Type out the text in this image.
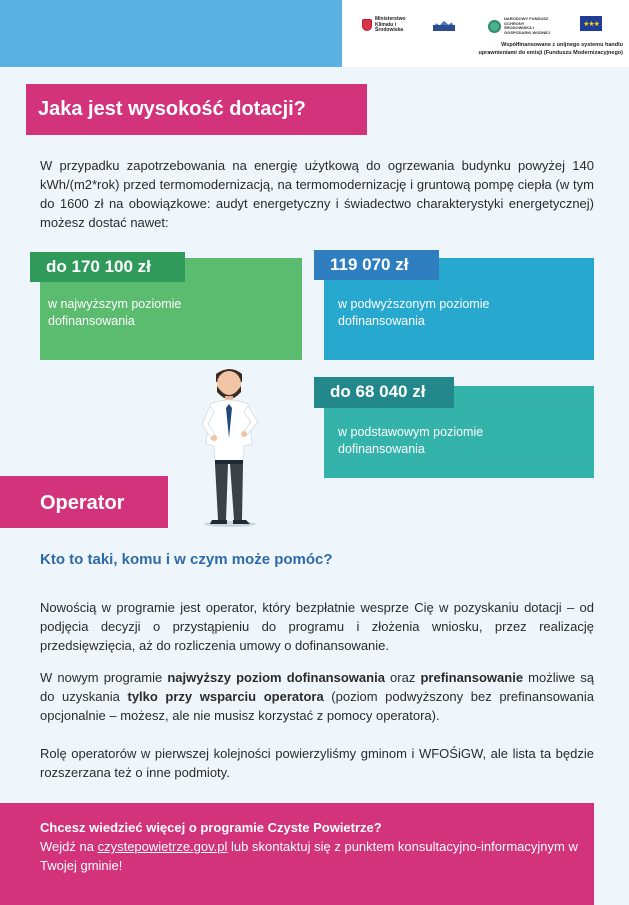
Ministerstwo Klimatu i Środowiska
NARODOWY FUNDUSZ OCHRONY ŚRODOWISKA I GOSPODARKI WODNEJ
★★★
Współfinansowane z unijnego systemu handlu
uprawnieniami do emisji (Funduszu Modernizacyjnego)
Jaka jest wysokość dotacji?

W przypadku zapotrzebowania na energię użytkową do ogrzewania budynku powyżej 140 kWh/(m2*rok) przed termomodernizacją, na termomodernizację i gruntową pompę ciepła (w tym do 1600 zł na obowiązkowe: audyt energetyczny i świadectwo charakterystyki energetycznej) możesz dostać nawet:

do 170 100 zł
w najwyższym poziomie dofinansowania
119 070 zł
w podwyższonym poziomie dofinansowania
do 68 040 zł
w podstawowym poziomie dofinansowania
Operator
Kto to taki, komu i w czym może pomóc?

Nowością w programie jest operator, który bezpłatnie wesprze Cię w pozyskaniu dotacji – od podjęcia decyzji o przystąpieniu do programu i złożenia wniosku, przez realizację przedsięwzięcia, aż do rozliczenia umowy o dofinansowanie.

W nowym programie najwyższy poziom dofinansowania oraz prefinansowanie możliwe są do uzyskania tylko przy wsparciu operatora (poziom podwyższony bez prefinansowania opcjonalnie – możesz, ale nie musisz korzystać z pomocy operatora).

Rolę operatorów w pierwszej kolejności powierzyliśmy gminom i WFOŚiGW, ale lista ta będzie rozszerzana też o inne podmioty.

Chcesz wiedzieć więcej o programie Czyste Powietrze?
Wejdź na czystepowietrze.gov.pl lub skontaktuj się z punktem konsultacyjno-informacyjnym w Twojej gminie!
